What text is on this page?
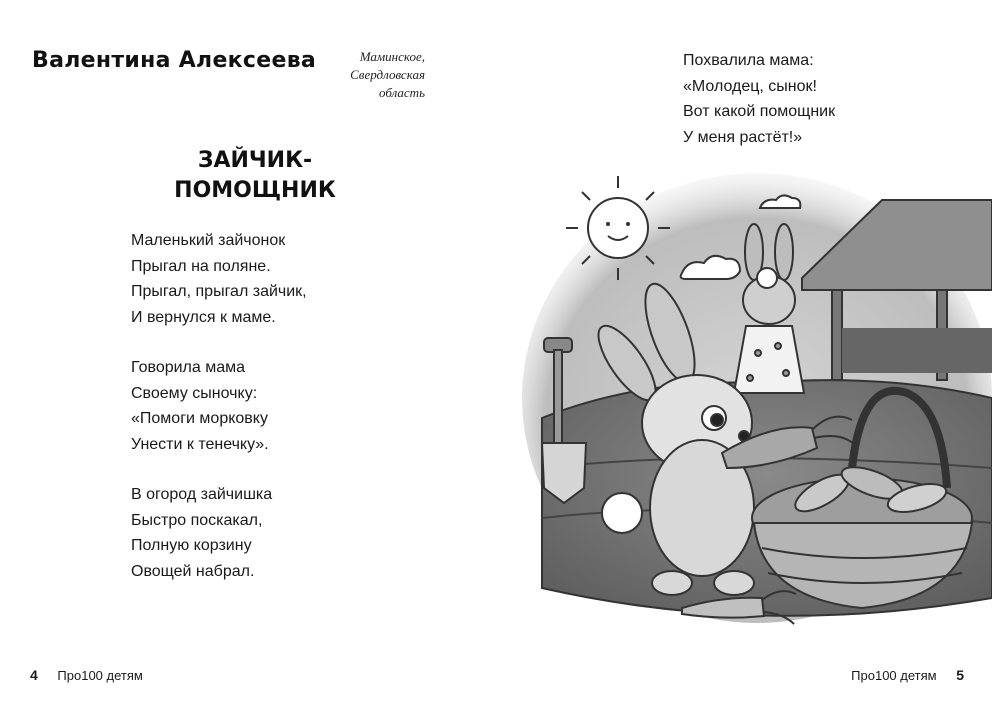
Валентина Алексеева	Маминское,
Свердловская
область
ЗАЙЧИК-
ПОМОЩНИК
Маленький зайчонок
Прыгал на поляне.
Прыгал, прыгал зайчик,
И вернулся к маме.
Говорила мама
Своему сыночку:
«Помоги морковку
Унести к тенечку».
В огород зайчишка
Быстро поскакал,
Полную корзину
Овощей набрал.
4 Про100 детям
Похвалила мама:
«Молодец, сынок!
Вот какой помощник
У меня растёт!»
Про100 детям 5
